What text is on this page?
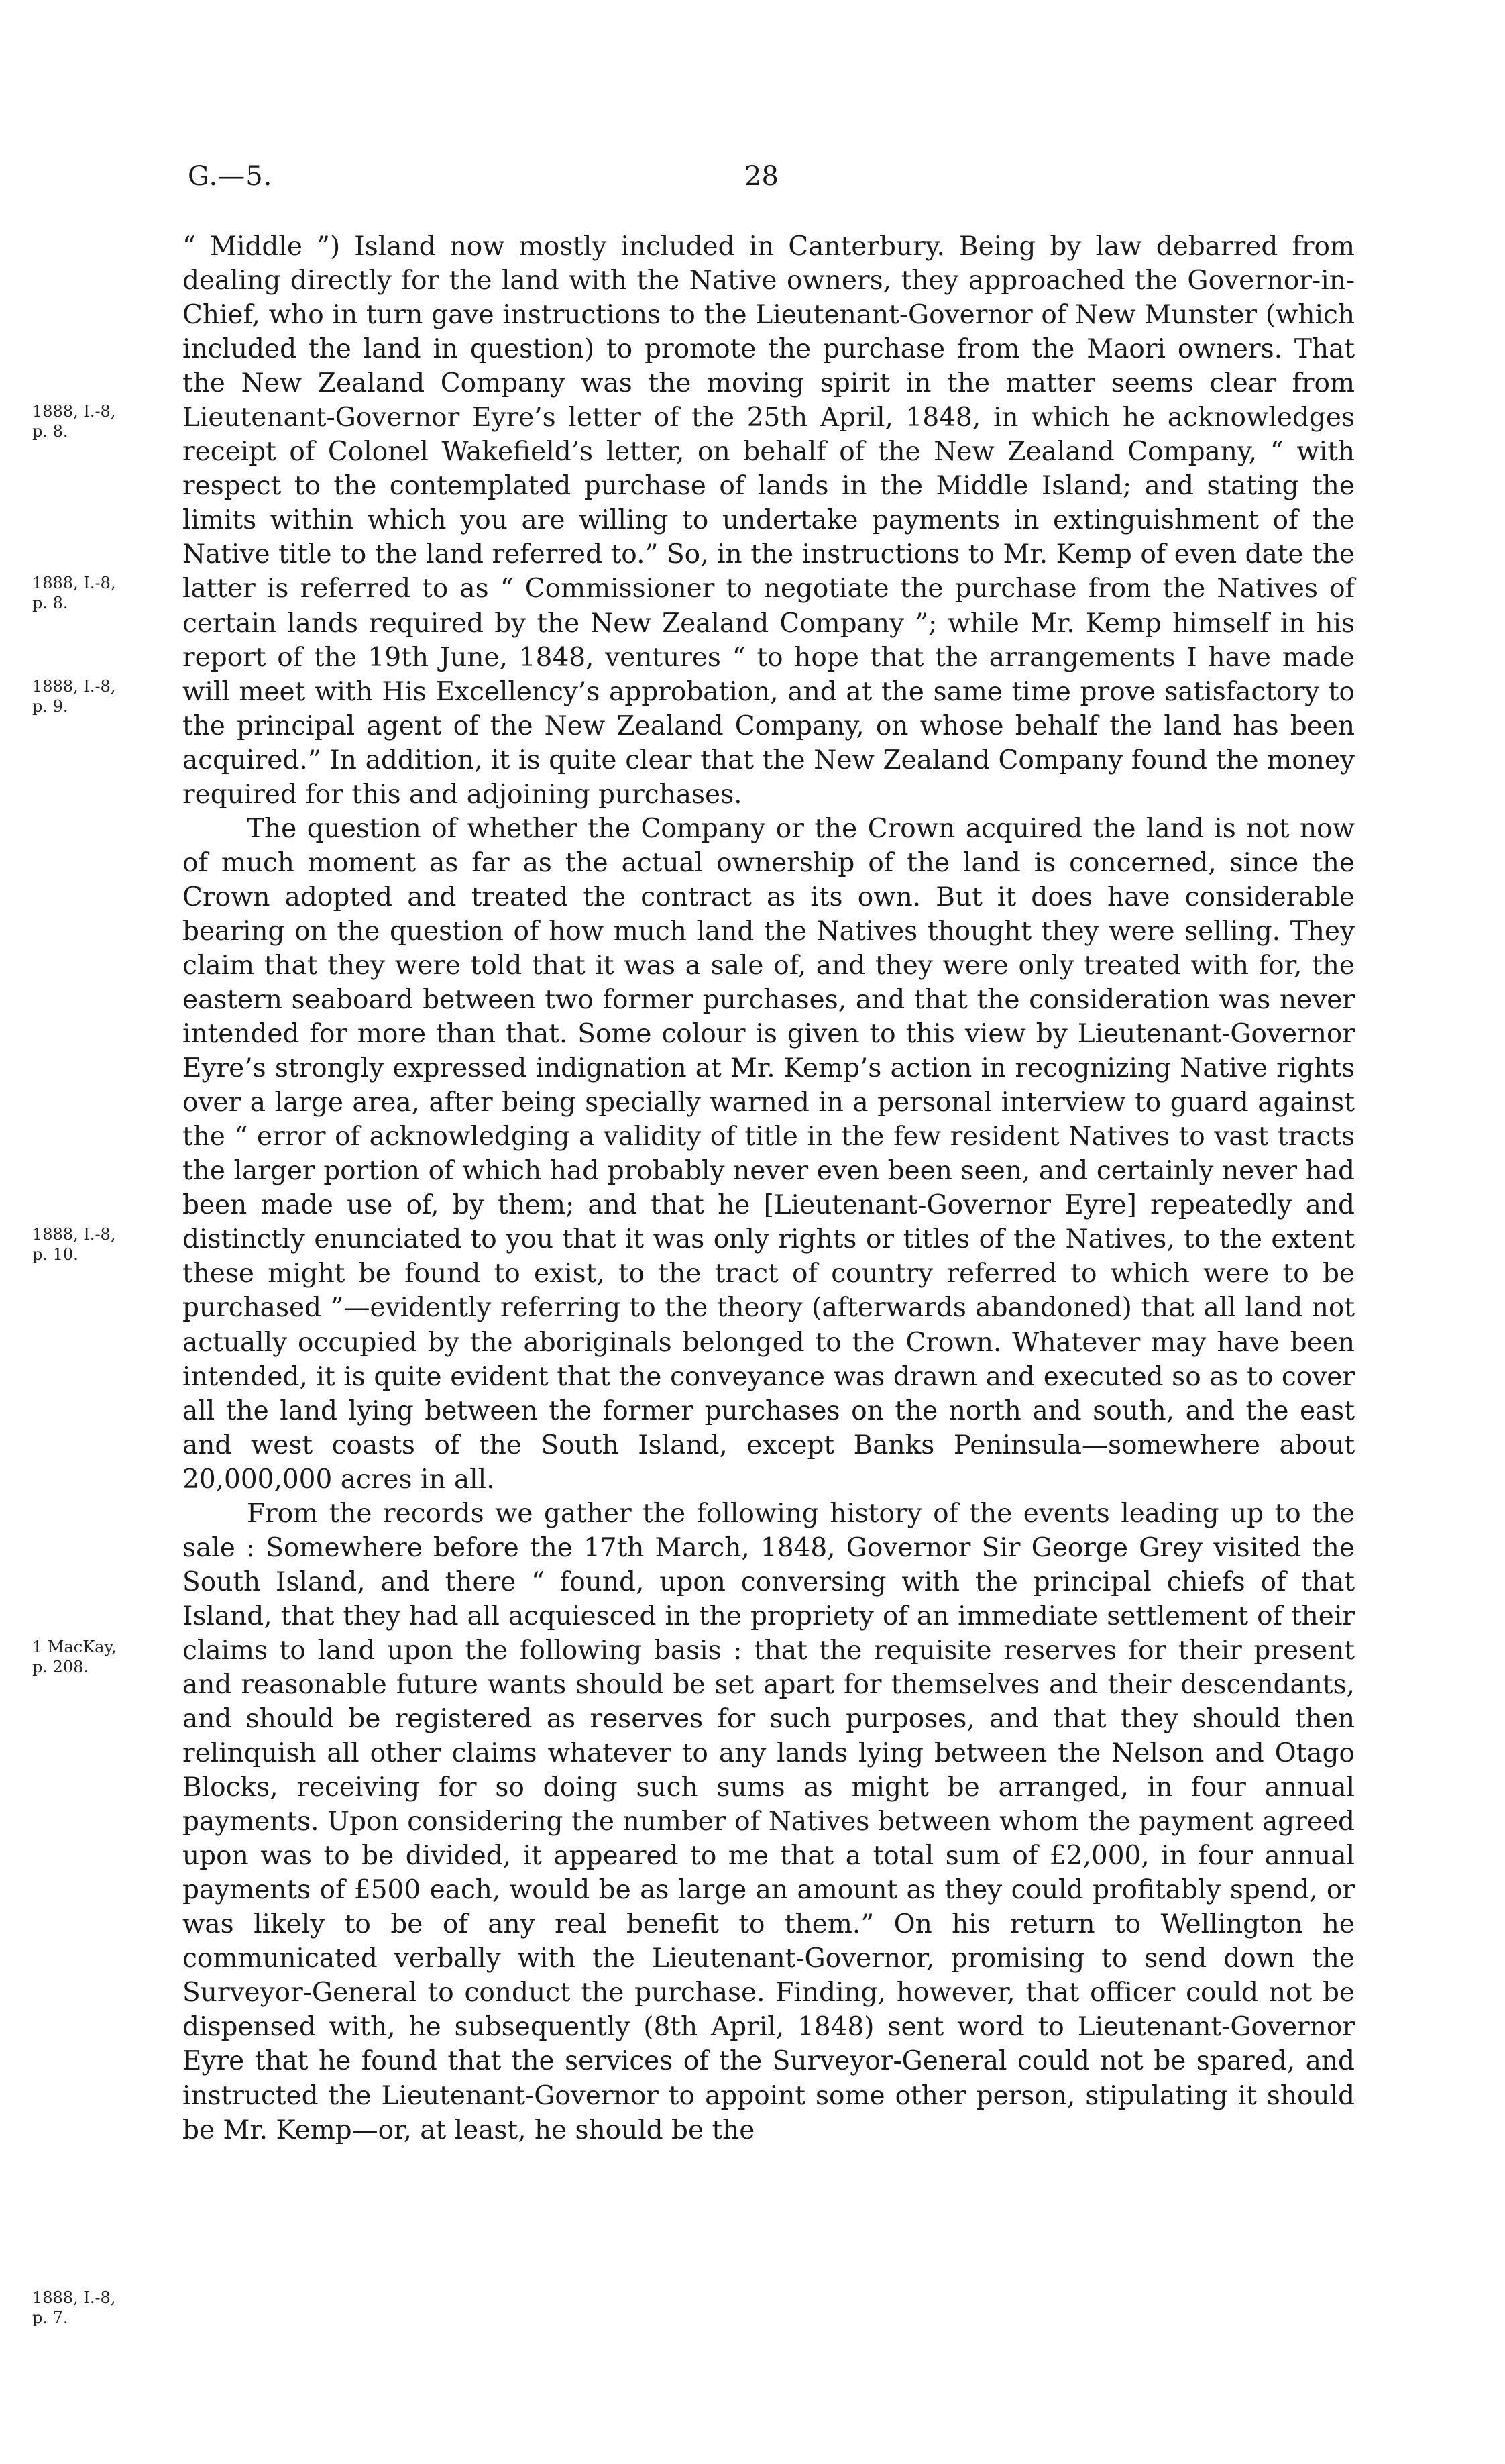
G.—5.	28
1888, I.-8,
p. 8.
1888, I.-8,
p. 8.
1888, I.-8,
p. 9.
1888, I.-8,
p. 10.
1 MacKay,
p. 208.
1888, I.-8,
p. 7.

“ Middle ”) Island now mostly included in Canterbury. Being by law debarred from dealing directly for the land with the Native owners, they approached the Governor-in-Chief, who in turn gave instructions to the Lieutenant-Governor of New Munster (which included the land in question) to promote the purchase from the Maori owners. That the New Zealand Company was the moving spirit in the matter seems clear from Lieutenant-Governor Eyre’s letter of the 25th April, 1848, in which he acknowledges receipt of Colonel Wakefield’s letter, on behalf of the New Zealand Company, “ with respect to the contemplated purchase of lands in the Middle Island; and stating the limits within which you are willing to undertake payments in extinguishment of the Native title to the land referred to.” So, in the instructions to Mr. Kemp of even date the latter is referred to as “ Commissioner to negotiate the purchase from the Natives of certain lands required by the New Zealand Company ”; while Mr. Kemp himself in his report of the 19th June, 1848, ventures “ to hope that the arrangements I have made will meet with His Excellency’s approbation, and at the same time prove satisfactory to the principal agent of the New Zealand Company, on whose behalf the land has been acquired.” In addition, it is quite clear that the New Zealand Company found the money required for this and adjoining purchases.

The question of whether the Company or the Crown acquired the land is not now of much moment as far as the actual ownership of the land is concerned, since the Crown adopted and treated the contract as its own. But it does have considerable bearing on the question of how much land the Natives thought they were selling. They claim that they were told that it was a sale of, and they were only treated with for, the eastern seaboard between two former purchases, and that the consideration was never intended for more than that. Some colour is given to this view by Lieutenant-Governor Eyre’s strongly expressed indignation at Mr. Kemp’s action in recognizing Native rights over a large area, after being specially warned in a personal interview to guard against the “ error of acknowledging a validity of title in the few resident Natives to vast tracts the larger portion of which had probably never even been seen, and certainly never had been made use of, by them; and that he [Lieutenant-Governor Eyre] repeatedly and distinctly enunciated to you that it was only rights or titles of the Natives, to the extent these might be found to exist, to the tract of country referred to which were to be purchased ”—evidently referring to the theory (afterwards abandoned) that all land not actually occupied by the aboriginals belonged to the Crown. Whatever may have been intended, it is quite evident that the conveyance was drawn and executed so as to cover all the land lying between the former purchases on the north and south, and the east and west coasts of the South Island, except Banks Peninsula—somewhere about 20,000,000 acres in all.

From the records we gather the following history of the events leading up to the sale : Somewhere before the 17th March, 1848, Governor Sir George Grey visited the South Island, and there “ found, upon conversing with the principal chiefs of that Island, that they had all acquiesced in the propriety of an immediate settlement of their claims to land upon the following basis : that the requisite reserves for their present and reasonable future wants should be set apart for themselves and their descendants, and should be registered as reserves for such purposes, and that they should then relinquish all other claims whatever to any lands lying between the Nelson and Otago Blocks, receiving for so doing such sums as might be arranged, in four annual payments. Upon considering the number of Natives between whom the payment agreed upon was to be divided, it appeared to me that a total sum of £2,000, in four annual payments of £500 each, would be as large an amount as they could profitably spend, or was likely to be of any real benefit to them.” On his return to Wellington he communicated verbally with the Lieutenant-Governor, promising to send down the Surveyor-General to conduct the purchase. Finding, however, that officer could not be dispensed with, he subsequently (8th April, 1848) sent word to Lieutenant-Governor Eyre that he found that the services of the Surveyor-General could not be spared, and instructed the Lieutenant-Governor to appoint some other person, stipulating it should be Mr. Kemp—or, at least, he should be the
